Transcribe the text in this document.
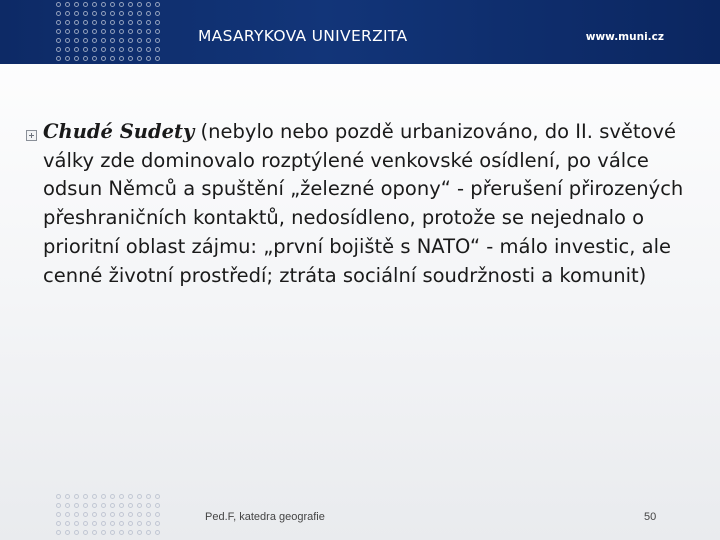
MASARYKOVA UNIVERZITA	www.muni.cz
Chudé Sudety (nebylo nebo pozdě urbanizováno, do II. světové války zde dominovalo rozptýlené venkovské osídlení, po válce odsun Němců a spuštění „železné opony“ - přerušení přirozených přeshraničních kontaktů, nedosídleno, protože se nejednalo o prioritní oblast zájmu: „první bojiště s NATO“ - málo investic, ale cenné životní prostředí; ztráta sociální soudržnosti a komunit)
Ped.F, katedra geografie	50
